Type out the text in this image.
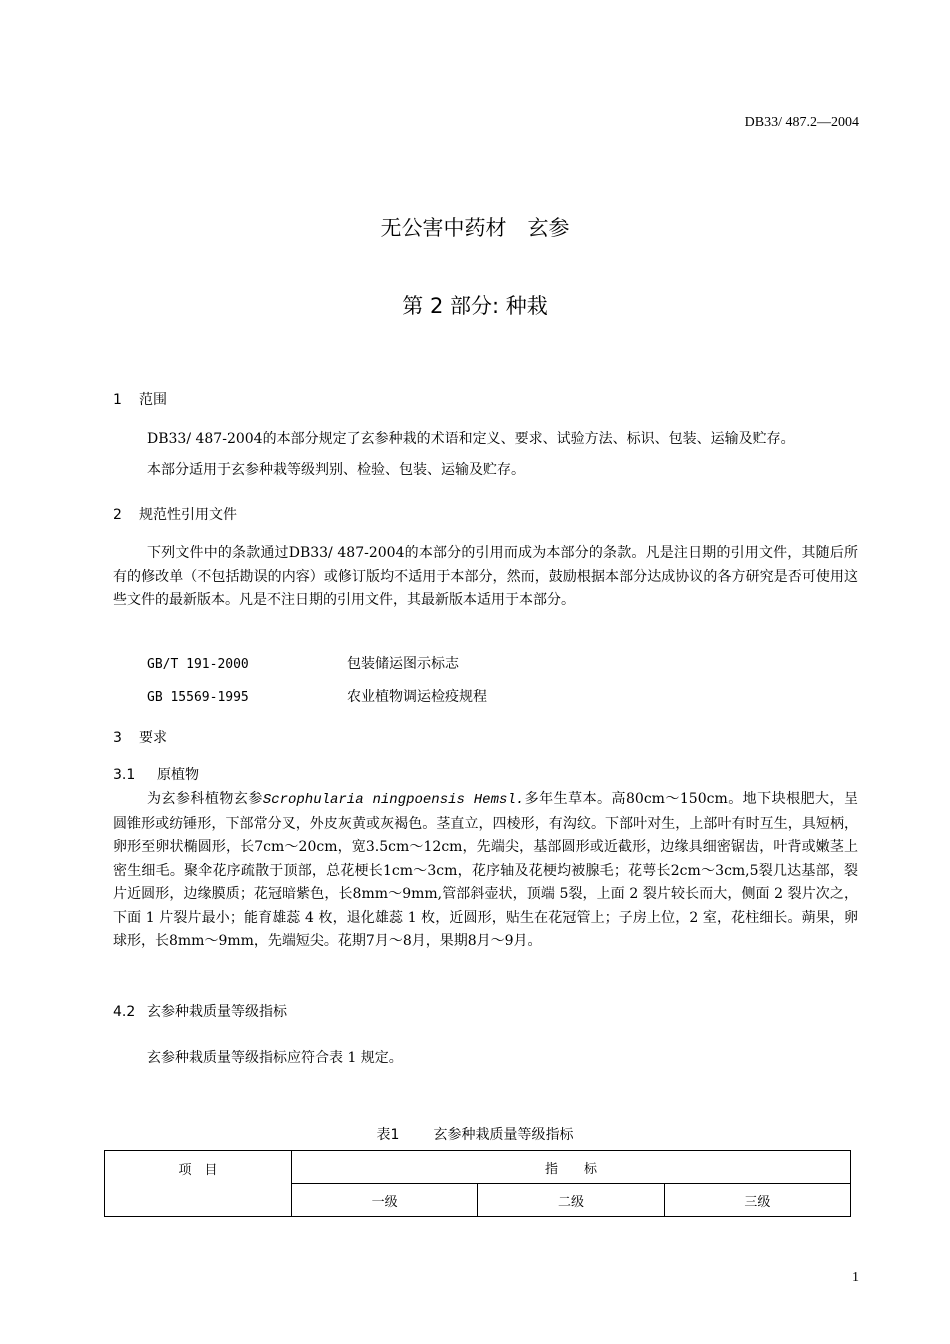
DB33/ 487.2—2004
无公害中药材　玄参
第 2 部分: 种栽
1 范围
DB33/ 487-2004的本部分规定了玄参种栽的术语和定义、要求、试验方法、标识、包装、运输及贮存。
本部分适用于玄参种栽等级判别、检验、包装、运输及贮存。
2 规范性引用文件
下列文件中的条款通过DB33/ 487-2004的本部分的引用而成为本部分的条款。凡是注日期的引用文件，其随后所有的修改单（不包括勘误的内容）或修订版均不适用于本部分，然而，鼓励根据本部分达成协议的各方研究是否可使用这些文件的最新版本。凡是不注日期的引用文件，其最新版本适用于本部分。
GB/T 191-2000	包装储运图示标志
GB 15569-1995	农业植物调运检疫规程
3 要求
3.1 原植物
为玄参科植物玄参Scrophularia ningpoensis Hemsl.多年生草本。高80cm～150cm。地下块根肥大，呈圆锥形或纺锤形，下部常分叉，外皮灰黄或灰褐色。茎直立，四棱形，有沟纹。下部叶对生，上部叶有时互生，具短柄，卵形至卵状椭圆形，长7cm～20cm，宽3.5cm～12cm，先端尖，基部圆形或近截形，边缘具细密锯齿，叶背或嫩茎上密生细毛。聚伞花序疏散于顶部，总花梗长1cm～3cm，花序轴及花梗均被腺毛；花萼长2cm～3cm,5裂几达基部，裂片近圆形，边缘膜质；花冠暗紫色，长8mm～9mm,管部斜壶状，顶端 5裂，上面 2 裂片较长而大，侧面 2 裂片次之，下面 1 片裂片最小；能育雄蕊 4 枚，退化雄蕊 1 枚，近圆形，贴生在花冠管上；子房上位，2 室，花柱细长。蒴果，卵球形，长8mm～9mm，先端短尖。花期7月～8月，果期8月～9月。
4.2 玄参种栽质量等级指标
玄参种栽质量等级指标应符合表 1 规定。
表1 玄参种栽质量等级指标
项　目	指　　标		
	一级	二级	三级
1
